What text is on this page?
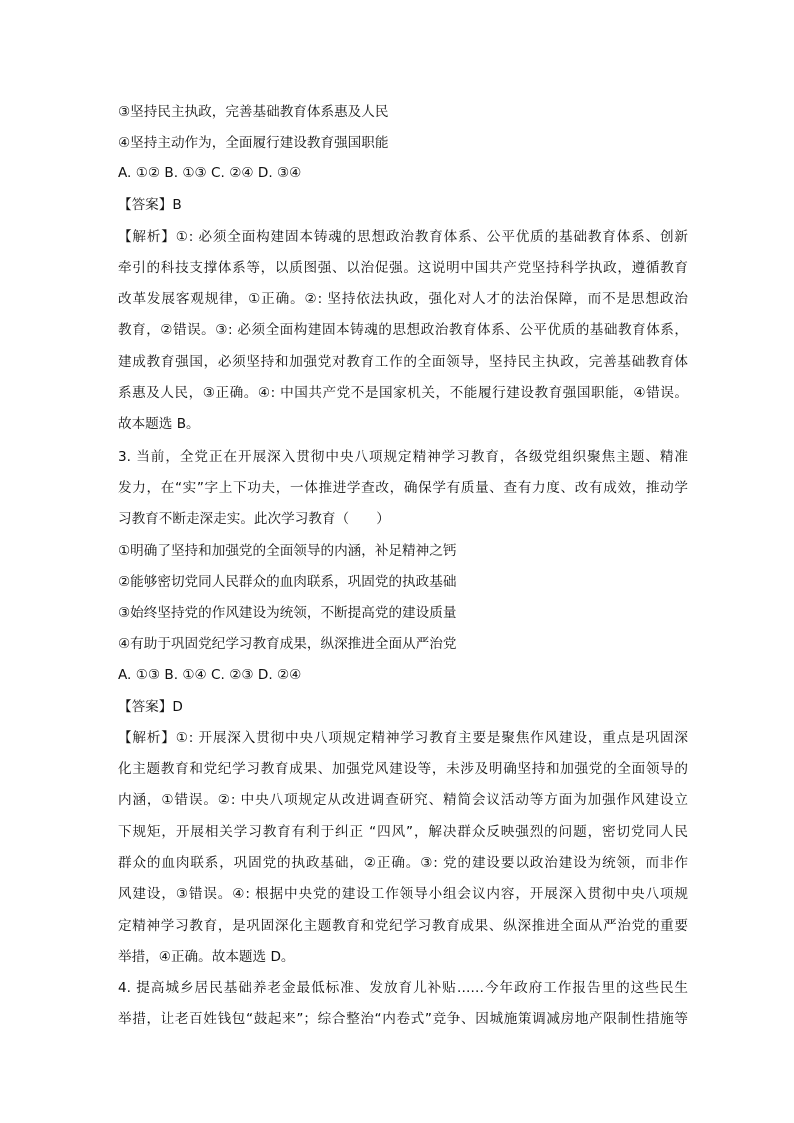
③坚持民主执政，完善基础教育体系惠及人民
④坚持主动作为，全面履行建设教育强国职能
A. ①② B. ①③ C. ②④ D. ③④
【答案】B
【解析】①: 必须全面构建固本铸魂的思想政治教育体系、公平优质的基础教育体系、创新
牵引的科技支撑体系等，以质图强、以治促强。这说明中国共产党坚持科学执政，遵循教育
改革发展客观规律，①正确。②: 坚持依法执政，强化对人才的法治保障，而不是思想政治
教育，②错误。③: 必须全面构建固本铸魂的思想政治教育体系、公平优质的基础教育体系，
建成教育强国，必须坚持和加强党对教育工作的全面领导，坚持民主执政，完善基础教育体
系惠及人民，③正确。④: 中国共产党不是国家机关，不能履行建设教育强国职能，④错误。
故本题选 B。
3. 当前，全党正在开展深入贯彻中央八项规定精神学习教育，各级党组织聚焦主题、精准
发力，在“实”字上下功夫，一体推进学查改，确保学有质量、查有力度、改有成效，推动学
习教育不断走深走实。此次学习教育（　　）
①明确了坚持和加强党的全面领导的内涵，补足精神之钙
②能够密切党同人民群众的血肉联系，巩固党的执政基础
③始终坚持党的作风建设为统领，不断提高党的建设质量
④有助于巩固党纪学习教育成果，纵深推进全面从严治党
A. ①③ B. ①④ C. ②③ D. ②④
【答案】D
【解析】①: 开展深入贯彻中央八项规定精神学习教育主要是聚焦作风建设，重点是巩固深
化主题教育和党纪学习教育成果、加强党风建设等，未涉及明确坚持和加强党的全面领导的
内涵，①错误。②: 中央八项规定从改进调查研究、精简会议活动等方面为加强作风建设立
下规矩，开展相关学习教育有利于纠正 “四风”，解决群众反映强烈的问题，密切党同人民
群众的血肉联系，巩固党的执政基础，②正确。③: 党的建设要以政治建设为统领，而非作
风建设，③错误。④: 根据中央党的建设工作领导小组会议内容，开展深入贯彻中央八项规
定精神学习教育，是巩固深化主题教育和党纪学习教育成果、纵深推进全面从严治党的重要
举措，④正确。故本题选 D。
4. 提高城乡居民基础养老金最低标准、发放育儿补贴……今年政府工作报告里的这些民生
举措，让老百姓钱包“鼓起来”；综合整治“内卷式”竞争、因城施策调减房地产限制性措施等
